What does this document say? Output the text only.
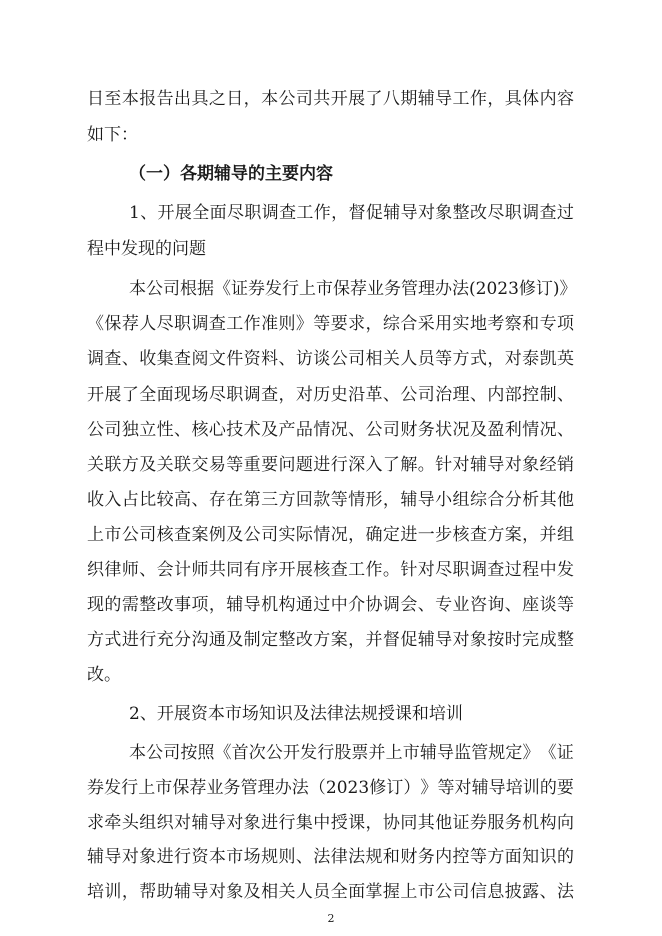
日 至 本 报 告 出 具 之 日 ， 本 公 司 共 开 展 了 八 期 辅 导 工 作 ， 具 体 内 容
如下：
（一）各期辅导的主要内容
1 、 开 展 全 面 尽 职 调 查 工 作 ， 督 促 辅 导 对 象 整 改 尽 职 调 查 过
程中发现的问题
本 公 司 根 据 《 证 券 发 行 上 市 保 荐 业 务 管 理 办 法 ( 2023 修 订 ) 》
《 保 荐 人 尽 职 调 查 工 作 准 则 》 等 要 求 ， 综 合 采 用 实 地 考 察 和 专 项
调 查 、 收 集 查 阅 文 件 资 料 、 访 谈 公 司 相 关 人 员 等 方 式 ， 对 泰 凯 英
开 展 了 全 面 现 场 尽 职 调 查 ， 对 历 史 沿 革 、 公 司 治 理 、 内 部 控 制 、
公 司 独 立 性 、 核 心 技 术 及 产 品 情 况 、 公 司 财 务 状 况 及 盈 利 情 况 、
关 联 方 及 关 联 交 易 等 重 要 问 题 进 行 深 入 了 解 。 针 对 辅 导 对 象 经 销
收 入 占 比 较 高 、 存 在 第 三 方 回 款 等 情 形 ， 辅 导 小 组 综 合 分 析 其 他
上 市 公 司 核 查 案 例 及 公 司 实 际 情 况 ， 确 定 进 一 步 核 查 方 案 ， 并 组
织 律 师 、 会 计 师 共 同 有 序 开 展 核 查 工 作 。 针 对 尽 职 调 查 过 程 中 发
现 的 需 整 改 事 项 ， 辅 导 机 构 通 过 中 介 协 调 会 、 专 业 咨 询 、 座 谈 等
方 式 进 行 充 分 沟 通 及 制 定 整 改 方 案 ， 并 督 促 辅 导 对 象 按 时 完 成 整
改。
2、开展资本市场知识及法律法规授课和培训
本 公 司 按 照 《 首 次 公 开 发 行 股 票 并 上 市 辅 导 监 管 规 定 》 《 证
券 发 行 上 市 保 荐 业 务 管 理 办 法 （ 2023 修 订 ） 》 等 对 辅 导 培 训 的 要
求 牵 头 组 织 对 辅 导 对 象 进 行 集 中 授 课 ， 协 同 其 他 证 券 服 务 机 构 向
辅 导 对 象 进 行 资 本 市 场 规 则 、 法 律 法 规 和 财 务 内 控 等 方 面 知 识 的
培 训 ， 帮 助 辅 导 对 象 及 相 关 人 员 全 面 掌 握 上 市 公 司 信 息 披 露 、 法
2
